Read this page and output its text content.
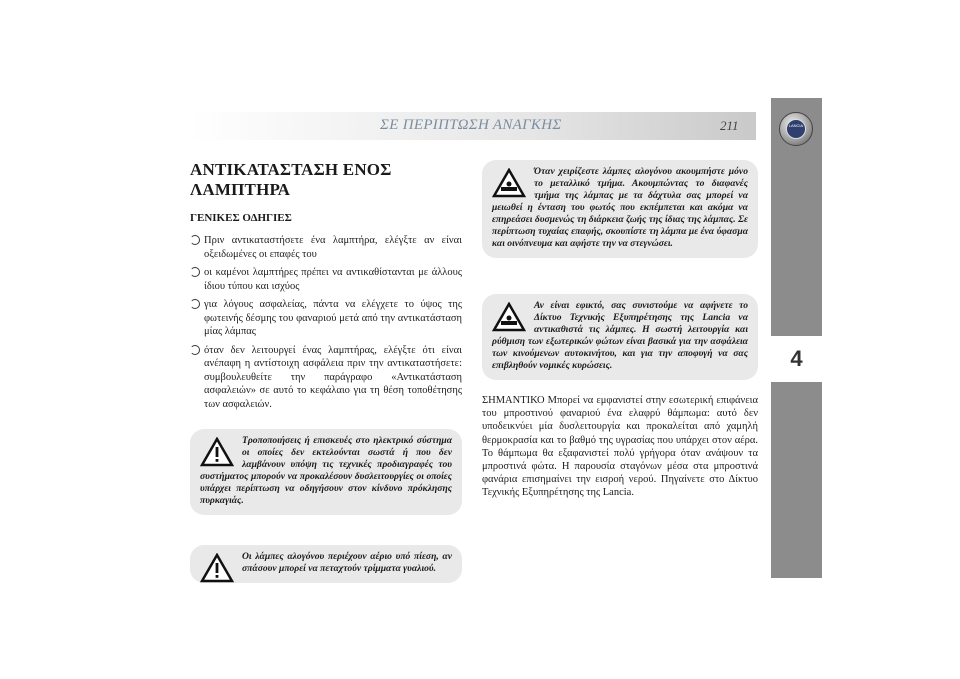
ΣΕ ΠΕΡΙΠΤΩΣΗ ΑΝΑΓΚΗΣ	211	LANCIA
4
ΑΝΤΙΚΑΤΑΣΤΑΣΗ ΕΝΟΣ ΛΑΜΠΤΗΡΑ
ΓΕΝΙΚΕΣ ΟΔΗΓΙΕΣ
Πριν αντικαταστήσετε ένα λαμπτήρα, ελέγξτε αν είναι οξειδωμένες οι επαφές του
οι καμένοι λαμπτήρες πρέπει να αντικαθίστανται με άλλους ίδιου τύπου και ισχύος
για λόγους ασφαλείας, πάντα να ελέγχετε το ύψος της φωτεινής δέσμης του φαναριού μετά από την αντικατάσταση μίας λάμπας
όταν δεν λειτουργεί ένας λαμπτήρας, ελέγξτε ότι είναι ανέπαφη η αντίστοιχη ασφάλεια πριν την αντικαταστήσετε: συμβουλευθείτε την παράγραφο «Αντικατάσταση ασφαλειών» σε αυτό το κεφάλαιο για τη θέση τοποθέτησης των ασφαλειών.
Τροποποιήσεις ή επισκευές στο ηλεκτρικό σύστημα οι οποίες δεν εκτελούνται σωστά ή που δεν λαμβάνουν υπόψη τις τεχνικές προδιαγραφές του συστήματος μπορούν να προκαλέσουν δυσλειτουργίες οι οποίες υπάρχει περίπτωση να οδηγήσουν στον κίνδυνο πρόκλησης πυρκαγιάς.
Οι λάμπες αλογόνου περιέχουν αέριο υπό πίεση, αν σπάσουν μπορεί να πεταχτούν τρίμματα γυαλιού.
Όταν χειρίζεστε λάμπες αλογόνου ακουμπήστε μόνο το μεταλλικό τμήμα. Ακουμπώντας το διαφανές τμήμα της λάμπας με τα δάχτυλα σας μπορεί να μειωθεί η ένταση του φωτός που εκπέμπεται και ακόμα να επηρεάσει δυσμενώς τη διάρκεια ζωής της ίδιας της λάμπας. Σε περίπτωση τυχαίας επαφής, σκουπίστε τη λάμπα με ένα ύφασμα και οινόπνευμα και αφήστε την να στεγνώσει.
Αν είναι εφικτό, σας συνιστούμε να αφήνετε το Δίκτυο Τεχνικής Εξυπηρέτησης της Lancia να αντικαθιστά τις λάμπες. Η σωστή λειτουργία και ρύθμιση των εξωτερικών φώτων είναι βασικά για την ασφάλεια των κινούμενων αυτοκινήτου, και για την αποφυγή να σας επιβληθούν νομικές κυρώσεις.
ΣΗΜΑΝΤΙΚΟ Μπορεί να εμφανιστεί στην εσωτερική επιφάνεια του μπροστινού φαναριού ένα ελαφρύ θάμπωμα: αυτό δεν υποδεικνύει μία δυσλειτουργία και προκαλείται από χαμηλή θερμοκρασία και το βαθμό της υγρασίας που υπάρχει στον αέρα. Το θάμπωμα θα εξαφανιστεί πολύ γρήγορα όταν ανάψουν τα μπροστινά φώτα. Η παρουσία σταγόνων μέσα στα μπροστινά φανάρια επισημαίνει την εισροή νερού. Πηγαίνετε στο Δίκτυο Τεχνικής Εξυπηρέτησης της Lancia.
